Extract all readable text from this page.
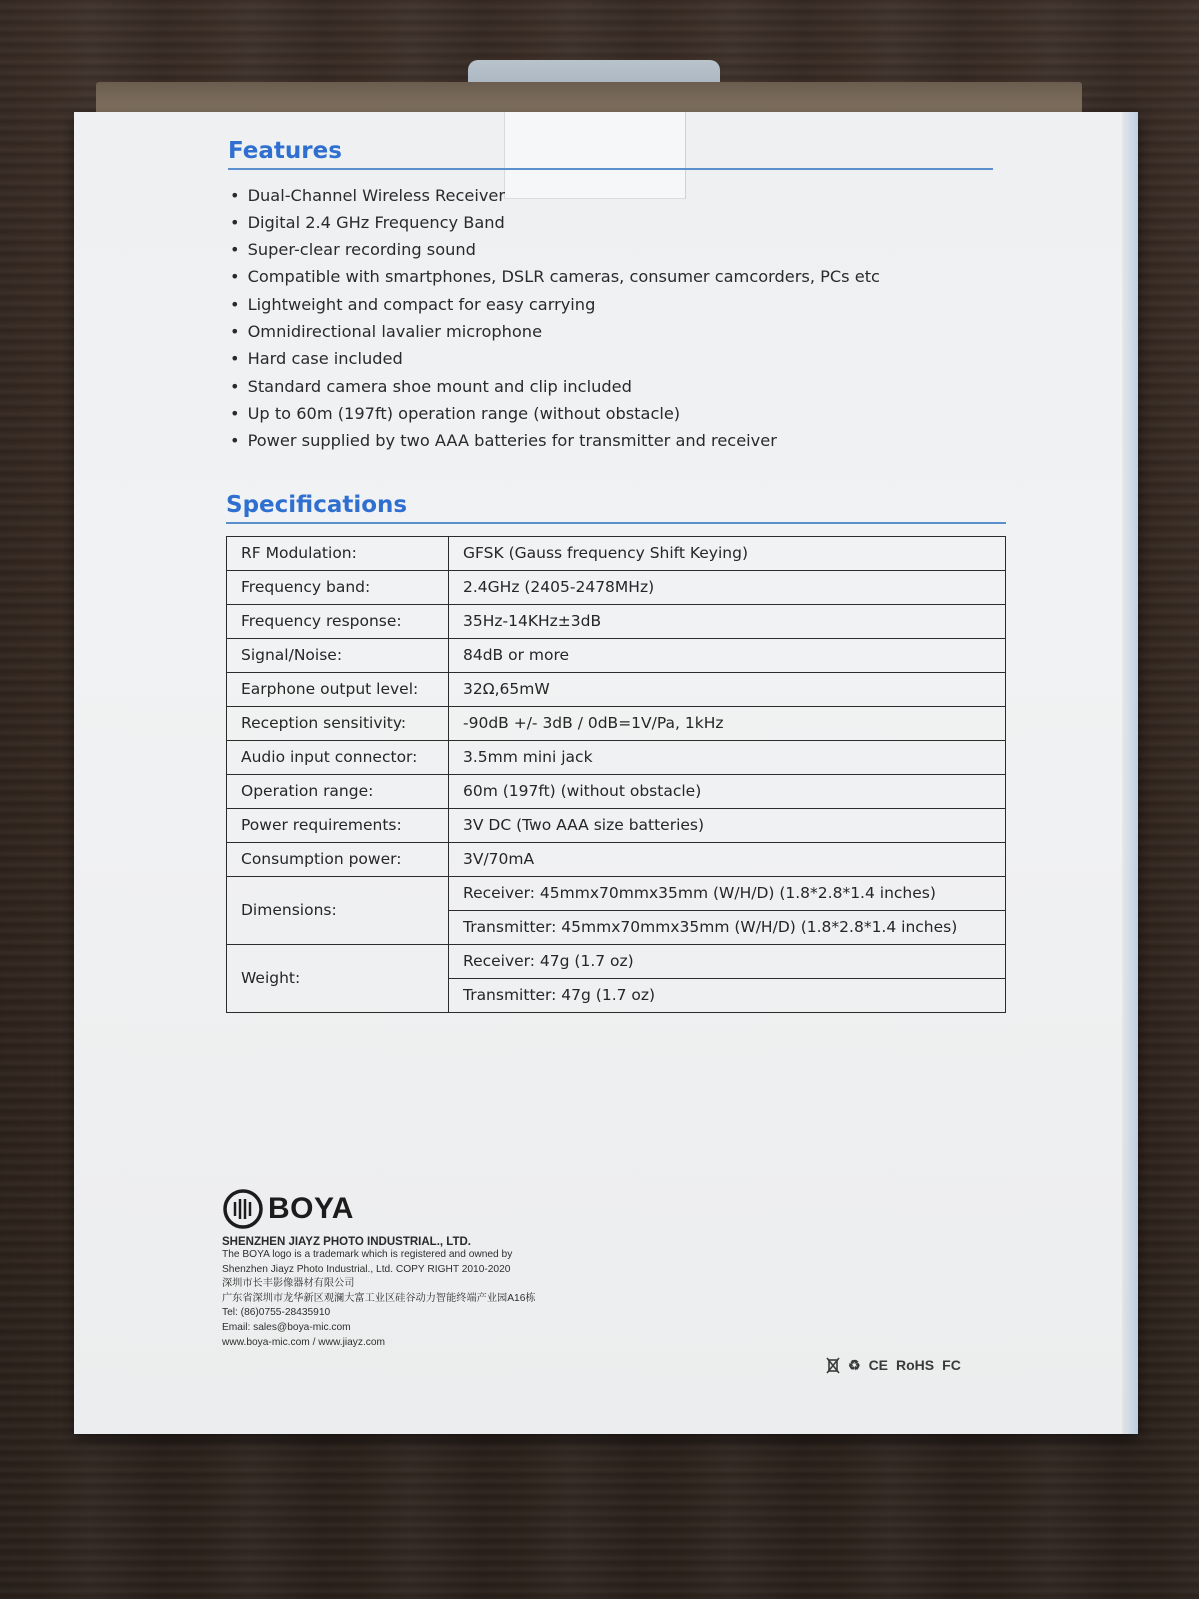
Features
• Dual-Channel Wireless Receiver
• Digital 2.4 GHz Frequency Band
• Super-clear recording sound
• Compatible with smartphones, DSLR cameras, consumer camcorders, PCs etc
• Lightweight and compact for easy carrying
• Omnidirectional lavalier microphone
• Hard case included
• Standard camera shoe mount and clip included
• Up to 60m (197ft) operation range (without obstacle)
• Power supplied by two AAA batteries for transmitter and receiver
Specifications
RF Modulation:	GFSK (Gauss frequency Shift Keying)
Frequency band:	2.4GHz (2405-2478MHz)
Frequency response:	35Hz-14KHz±3dB
Signal/Noise:	84dB or more
Earphone output level:	32Ω,65mW
Reception sensitivity:	-90dB +/- 3dB / 0dB=1V/Pa, 1kHz
Audio input connector:	3.5mm mini jack
Operation range:	60m (197ft) (without obstacle)
Power requirements:	3V DC (Two AAA size batteries)
Consumption power:	3V/70mA
Dimensions:	Receiver: 45mmx70mmx35mm (W/H/D) (1.8*2.8*1.4 inches)
	Transmitter: 45mmx70mmx35mm (W/H/D) (1.8*2.8*1.4 inches)
Weight:	Receiver: 47g (1.7 oz)
	Transmitter: 47g (1.7 oz)
BOYA
SHENZHEN JIAYZ PHOTO INDUSTRIAL., LTD.
The BOYA logo is a trademark which is registered and owned by
Shenzhen Jiayz Photo Industrial., Ltd. COPY RIGHT 2010-2020
深圳市长丰影像器材有限公司
广东省深圳市龙华新区观澜大富工业区硅谷动力智能终端产业园A16栋
Tel: (86)0755-28435910
Email: sales@boya-mic.com
www.boya-mic.com / www.jiayz.com
♻︎ CE RoHS FC
